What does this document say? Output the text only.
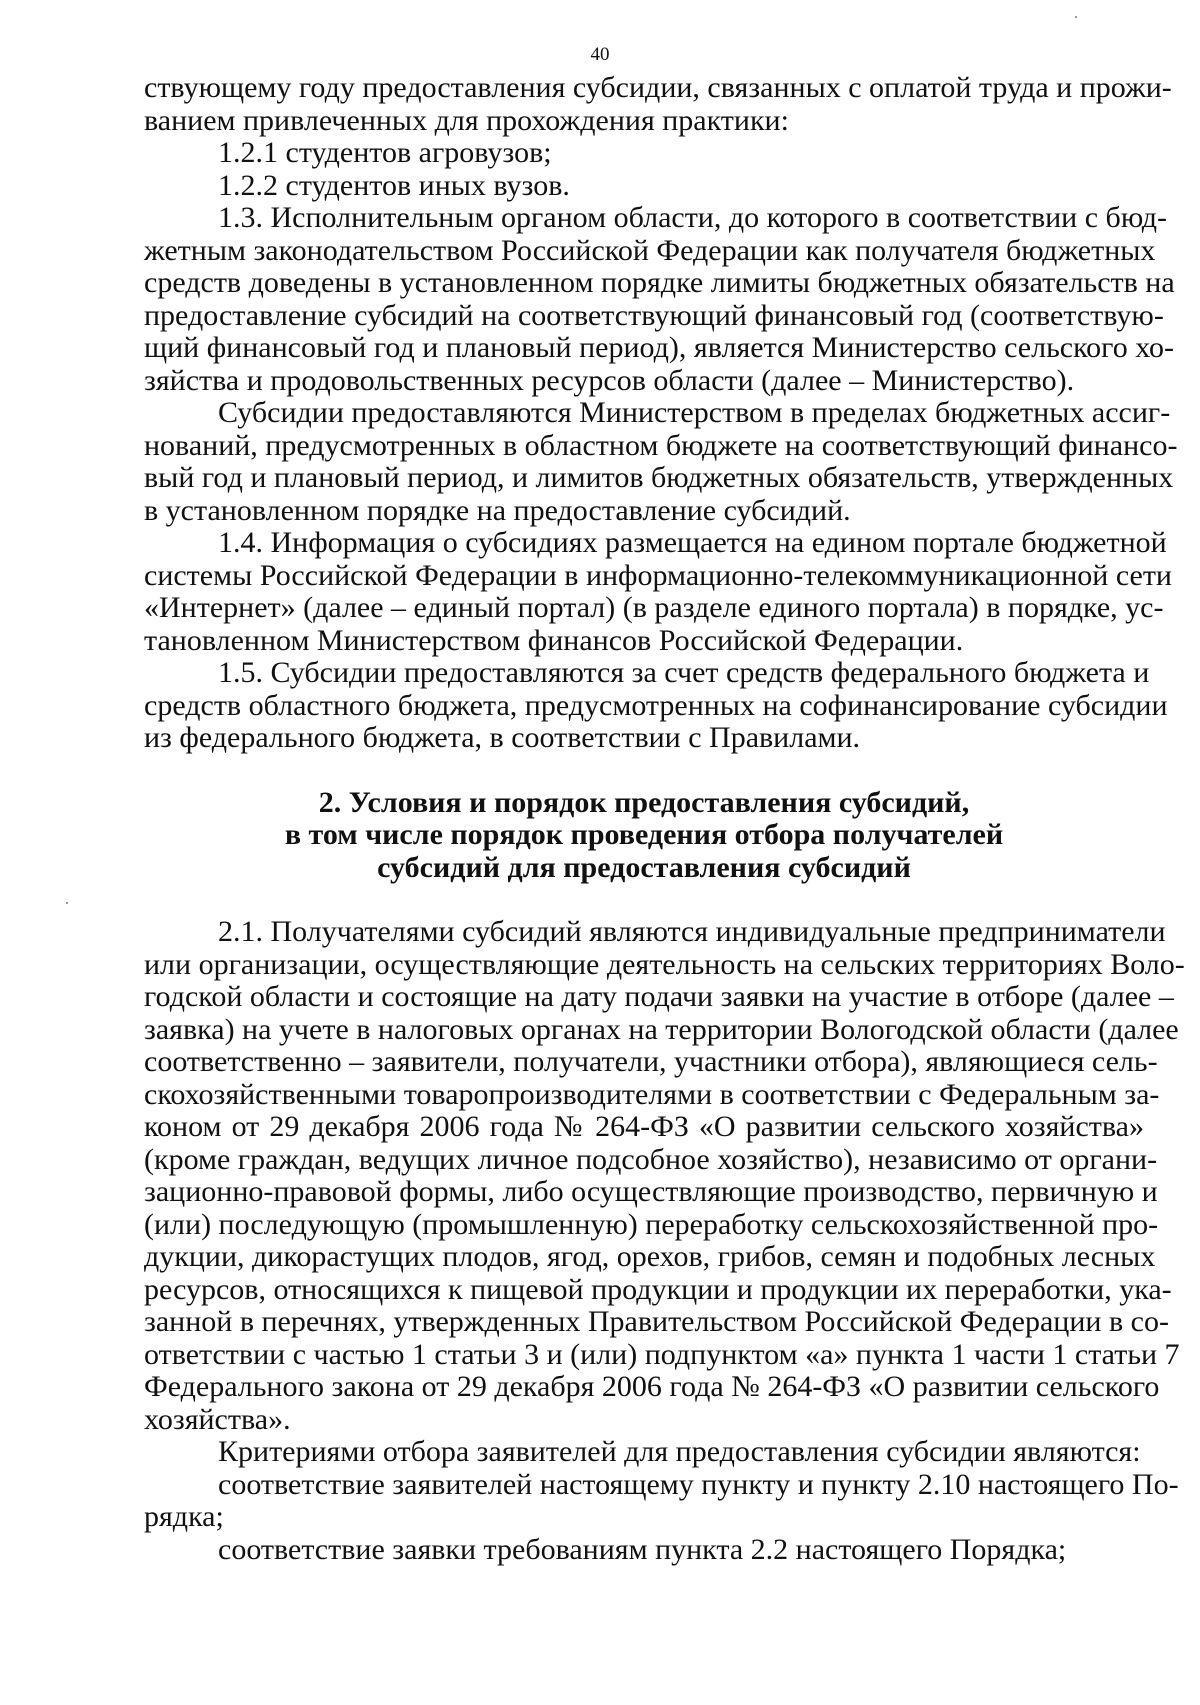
40

ствующему году предоставления субсидии, связанных с оплатой труда и прожи-
ванием привлеченных для прохождения практики:

1.2.1 студентов агровузов;

1.2.2 студентов иных вузов.

1.3. Исполнительным органом области, до которого в соответствии с бюд-
жетным законодательством Российской Федерации как получателя бюджетных
средств доведены в установленном порядке лимиты бюджетных обязательств на
предоставление субсидий на соответствующий финансовый год (соответствую-
щий финансовый год и плановый период), является Министерство сельского хо-
зяйства и продовольственных ресурсов области (далее – Министерство).

Субсидии предоставляются Министерством в пределах бюджетных ассиг-
нований, предусмотренных в областном бюджете на соответствующий финансо-
вый год и плановый период, и лимитов бюджетных обязательств, утвержденных
в установленном порядке на предоставление субсидий.

1.4. Информация о субсидиях размещается на едином портале бюджетной
системы Российской Федерации в информационно-телекоммуникационной сети
«Интернет» (далее – единый портал) (в разделе единого портала) в порядке, ус-
тановленном Министерством финансов Российской Федерации.

1.5. Субсидии предоставляются за счет средств федерального бюджета и
средств областного бюджета, предусмотренных на софинансирование субсидии
из федерального бюджета, в соответствии с Правилами.

2. Условия и порядок предоставления субсидий,
в том числе порядок проведения отбора получателей
субсидий для предоставления субсидий

2.1. Получателями субсидий являются индивидуальные предприниматели
или организации, осуществляющие деятельность на сельских территориях Воло-
годской области и состоящие на дату подачи заявки на участие в отборе (далее –
заявка) на учете в налоговых органах на территории Вологодской области (далее
соответственно – заявители, получатели, участники отбора), являющиеся сель-
скохозяйственными товаропроизводителями в соответствии с Федеральным за-
коном от 29 декабря 2006 года № 264-ФЗ «О развитии сельского хозяйства»
(кроме граждан, ведущих личное подсобное хозяйство), независимо от органи-
зационно-правовой формы, либо осуществляющие производство, первичную и
(или) последующую (промышленную) переработку сельскохозяйственной про-
дукции, дикорастущих плодов, ягод, орехов, грибов, семян и подобных лесных
ресурсов, относящихся к пищевой продукции и продукции их переработки, ука-
занной в перечнях, утвержденных Правительством Российской Федерации в со-
ответствии с частью 1 статьи 3 и (или) подпунктом «а» пункта 1 части 1 статьи 7
Федерального закона от 29 декабря 2006 года № 264-ФЗ «О развитии сельского
хозяйства».

Критериями отбора заявителей для предоставления субсидии являются:

соответствие заявителей настоящему пункту и пункту 2.10 настоящего По-
рядка;

соответствие заявки требованиям пункта 2.2 настоящего Порядка;
